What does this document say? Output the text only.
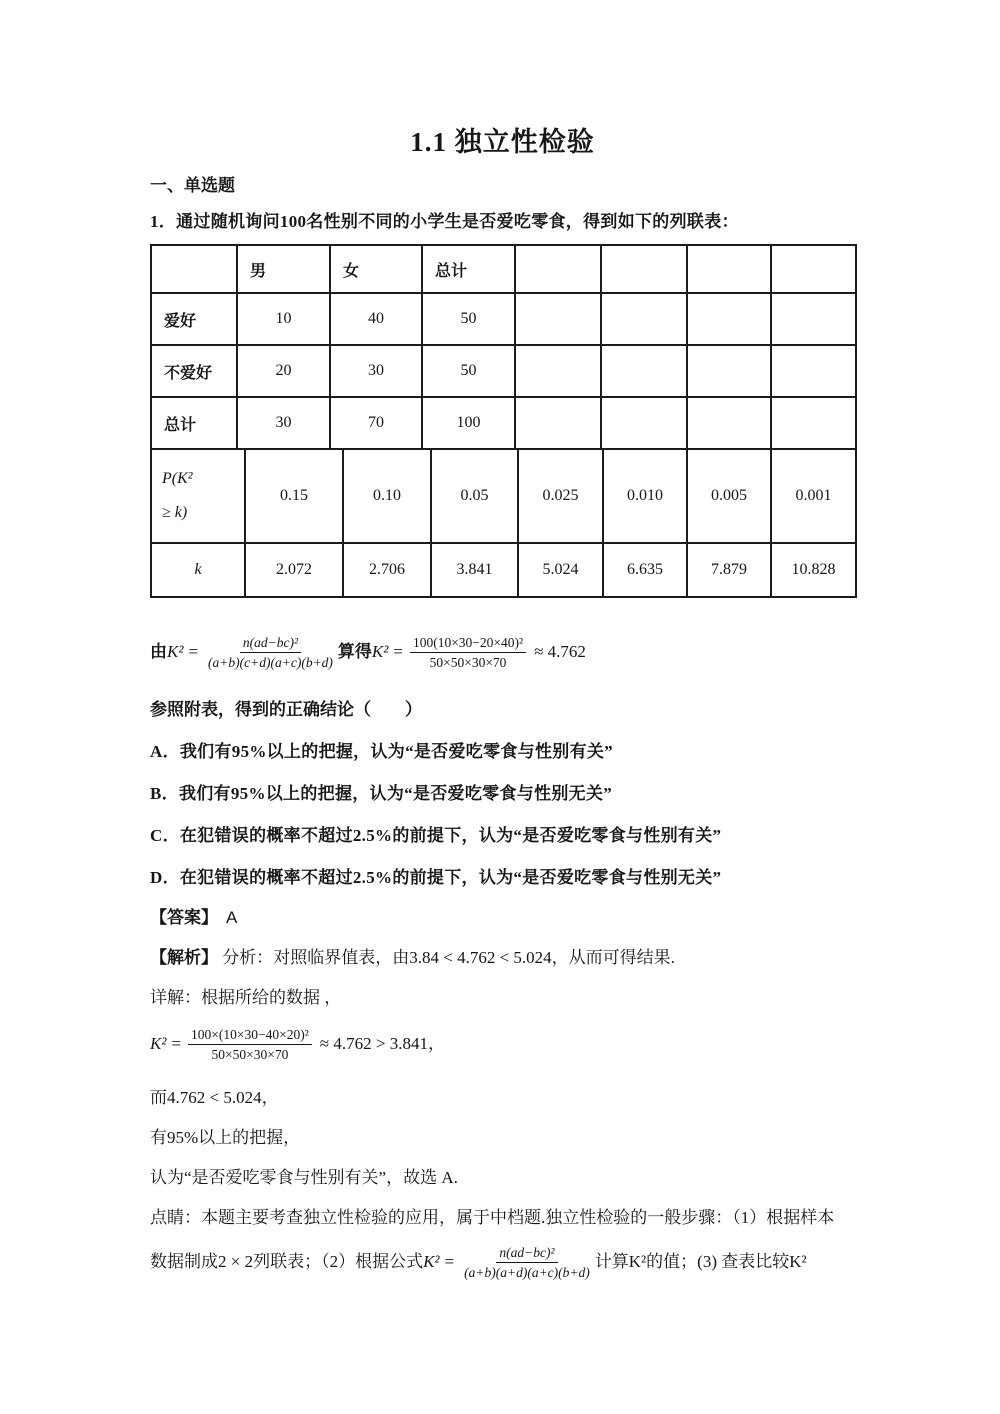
1.1 独立性检验

一、单选题

1．通过随机询问100名性别不同的小学生是否爱吃零食，得到如下的列联表：

	男	女	总计				
爱好	10	40	50				
不爱好	20	30	50				
总计	30	70	100				
P(K²
≥ k)	0.15	0.10	0.05	0.025	0.010	0.005	0.001
k	2.072	2.706	3.841	5.024	6.635	7.879	10.828

由 $K^2 = \frac{\text{n(ad−bc)²}}{(a+b)(c+d)(a+c)(b+d)}$ 算得 $K^2 = \frac{\text{100(10×30−20×40)²}}{50\times 50\times 30\times 70} \approx 4.762$

参照附表，得到的正确结论（　　）

A．我们有95%以上的把握，认为“是否爱吃零食与性别有关”

B．我们有95%以上的把握，认为“是否爱吃零食与性别无关”

C．在犯错误的概率不超过2.5%的前提下，认为“是否爱吃零食与性别有关”

D．在犯错误的概率不超过2.5%的前提下，认为“是否爱吃零食与性别无关”

【答案】 A

【解析】 分析：对照临界值表，由3.84 < 4.762 < 5.024，从而可得结果.

详解：根据所给的数据 ，

$K^2 = \frac{\text{100×(10×30−40×20)²}}{50\times 50\times 30\times 70} \approx 4.762 > 3.841$，

而4.762 < 5.024，

有95%以上的把握，

认为“是否爱吃零食与性别有关”，故选 A.

点睛：本题主要考查独立性检验的应用，属于中档题.独立性检验的一般步骤：（1）根据样本

数据制成2 × 2列联表；（2）根据公式 $K^2 = \frac{\text{n(ad−bc)²}}{(a+b)(a+d)(a+c)(b+d)}$ 计算K²的值；(3) 查表比较K²
